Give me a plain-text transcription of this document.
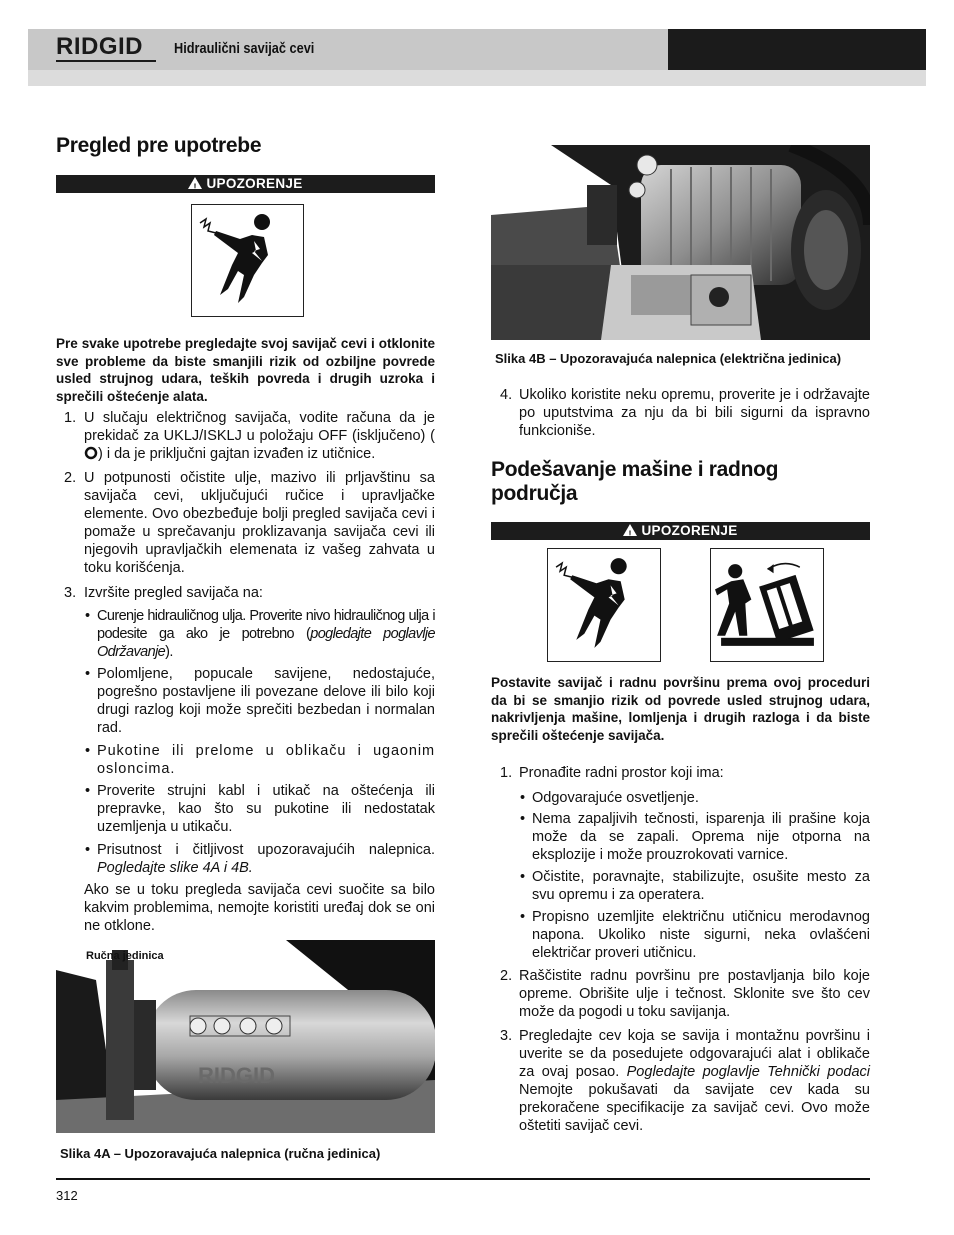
RIDGID Hidraulični savijač cevi
Pregled pre upotrebe
!UPOZORENJE
Pre svake upotrebe pregledajte svoj savijač cevi i otklonite sve probleme da biste smanjili rizik od ozbiljne povrede usled strujnog udara, teških povreda i drugih uzroka i sprečili oštećenje alata.
1. U slučaju električnog savijača, vodite računa da je prekidač za UKLJ/ISKLJ u položaju OFF (isključeno) () i da je priključni gajtan izvađen iz utičnice.
2. U potpunosti očistite ulje, mazivo ili prljavštinu sa savijača cevi, uključujući ručice i upravljačke elemente. Ovo obezbeđuje bolji pregled savijača cevi i pomaže u sprečavanju proklizavanja savijača cevi ili njegovih upravljačkih elemenata iz vašeg zahvata u toku korišćenja.
3. Izvršite pregled savijača na:
• Curenje hidrauličnog ulja. Proverite nivo hidrauličnog ulja i podesite ga ako je potrebno (pogledajte poglavlje Održavanje).
• Polomljene, popucale savijene, nedostajuće, pogrešno postavljene ili povezane delove ili bilo koji drugi razlog koji može sprečiti bezbedan i normalan rad.
• Pukotine ili prelome u oblikaču i ugaonim osloncima.
• Proverite strujni kabl i utikač na oštećenja ili prepravke, kao što su pukotine ili nedostatak uzemljenja u utikaču.
• Prisutnost i čitljivost upozoravajućih nalepnica. Pogledajte slike 4A i 4B.
Ako se u toku pregleda savijača cevi suočite sa bilo kakvim problemima, nemojte koristiti uređaj dok se oni ne otklone.
RIDGID
Ručna jedinica
Slika 4A – Upozoravajuća nalepnica (ručna jedinica)
Električna
jedinica
Slika 4B – Upozoravajuća nalepnica (električna jedinica)
4. Ukoliko koristite neku opremu, proverite je i održavajte po uputstvima za nju da bi bili sigurni da ispravno funkcioniše.
Podešavanje mašine i radnog
područja
!UPOZORENJE
Postavite savijač i radnu površinu prema ovoj proceduri da bi se smanjio rizik od povrede usled strujnog udara, nakrivljenja mašine, lomljenja i drugih razloga i da biste sprečili oštećenje savijača.
1. Pronađite radni prostor koji ima:
• Odgovarajuće osvetljenje.
• Nema zapaljivih tečnosti, isparenja ili prašine koja može da se zapali. Oprema nije otporna na eksplozije i može prouzrokovati varnice.
• Očistite, poravnajte, stabilizujte, osušite mesto za svu opremu i za operatera.
• Propisno uzemljite električnu utičnicu merodavnog napona. Ukoliko niste sigurni, neka ovlašćeni električar proveri utičnicu.
2. Raščistite radnu površinu pre postavljanja bilo koje opreme. Obrišite ulje i tečnost. Sklonite sve što cev može da pogodi u toku savijanja.
3. Pregledajte cev koja se savija i montažnu površinu i uverite se da posedujete odgovarajući alat i oblikače za ovaj posao. Pogledajte poglavlje Tehnički podaci Nemojte pokušavati da savijate cev kada su prekoračene specifikacije za savijač cevi. Ovo može oštetiti savijač cevi.
312
